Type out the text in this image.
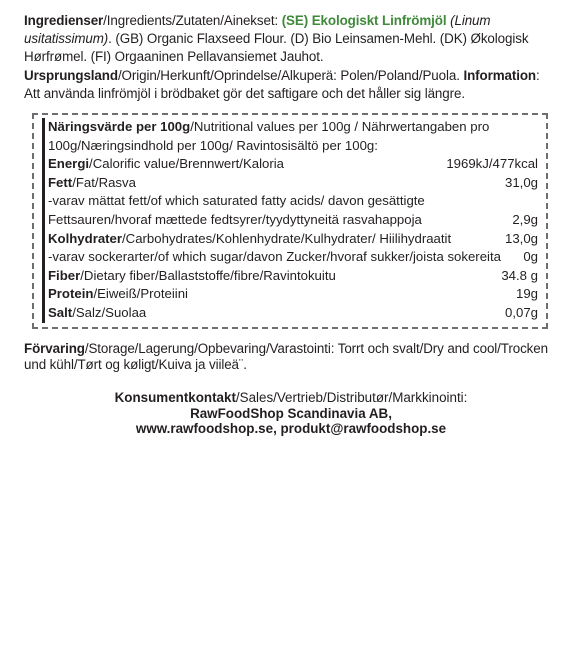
Ingredienser/Ingredients/Zutaten/Ainekset: (SE) Ekologiskt Linfrömjöl (Linum usitatissimum). (GB) Organic Flaxseed Flour. (D) Bio Leinsamen-Mehl. (DK) Økologisk Hørfrømel. (FI) Orgaaninen Pellavansiemet Jauhot. Ursprungsland/Origin/Herkunft/Oprindelse/Alkuperä: Polen/Poland/Puola. Information: Att använda linfrömjöl i brödbaket gör det saftigare och det håller sig längre.

Näringsvärde per 100g/Nutritional values per 100g / Nährwertangaben pro 100g/Næringsindhold per 100g/ Ravintosisältö per 100g:
Energi/Calorific value/Brennwert/Kaloria	1969kJ/477kcal
Fett/Fat/Rasva	31,0g
-varav mättat fett/of which saturated fatty acids/ davon gesättigte Fettsauren/hvoraf mættede fedtsyrer/tyydyttyneitä rasvahappoja	2,9g
Kolhydrater/Carbohydrates/Kohlenhydrate/Kulhydrater/ Hiilihydraatit	13,0g
-varav sockerarter/of which sugar/davon Zucker/hvoraf sukker/joista sokereita	0g
Fiber/Dietary fiber/Ballaststoffe/fibre/Ravintokuitu	34.8 g
Protein/Eiweiß/Proteiini	19g
Salt/Salz/Suolaa	0,07g

Förvaring/Storage/Lagerung/Opbevaring/Varastointi: Torrt och svalt/Dry and cool/Trocken und kühl/Tørt og køligt/Kuiva ja viileä¨.

Konsumentkontakt/Sales/Vertrieb/Distributør/Markkinointi:
RawFoodShop Scandinavia AB,
www.rawfoodshop.se, produkt@rawfoodshop.se
